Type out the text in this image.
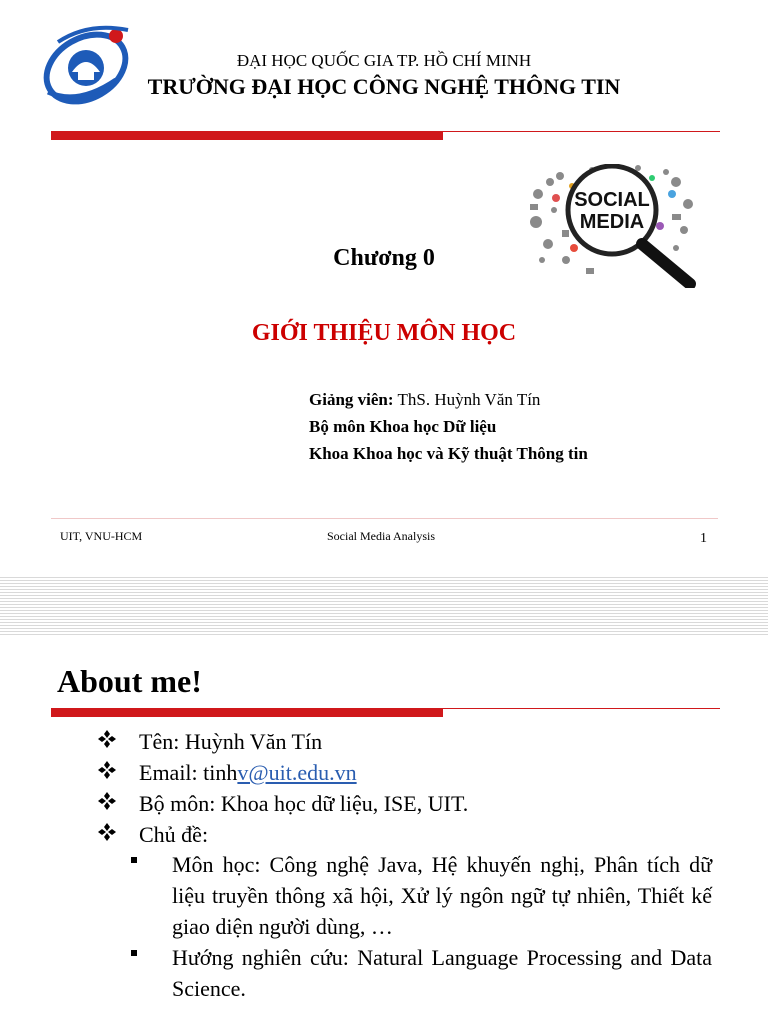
ĐẠI HỌC QUỐC GIA TP. HỒ CHÍ MINH
TRƯỜNG ĐẠI HỌC CÔNG NGHỆ THÔNG TIN
SOCIAL
MEDIA
Chương 0
GIỚI THIỆU MÔN HỌC
Giảng viên: ThS. Huỳnh Văn Tín
Bộ môn Khoa học Dữ liệu
Khoa Khoa học và Kỹ thuật Thông tin
UIT, VNU-HCM	Social Media Analysis	1
About me!
Tên: Huỳnh Văn Tín
Email: tinhv@uit.edu.vn
Bộ môn: Khoa học dữ liệu, ISE, UIT.
Chủ đề:
Môn học: Công nghệ Java, Hệ khuyến nghị, Phân tích dữ liệu truyền thông xã hội, Xử lý ngôn ngữ tự nhiên, Thiết kế giao diện người dùng, …
Hướng nghiên cứu: Natural Language Processing and Data Science.
